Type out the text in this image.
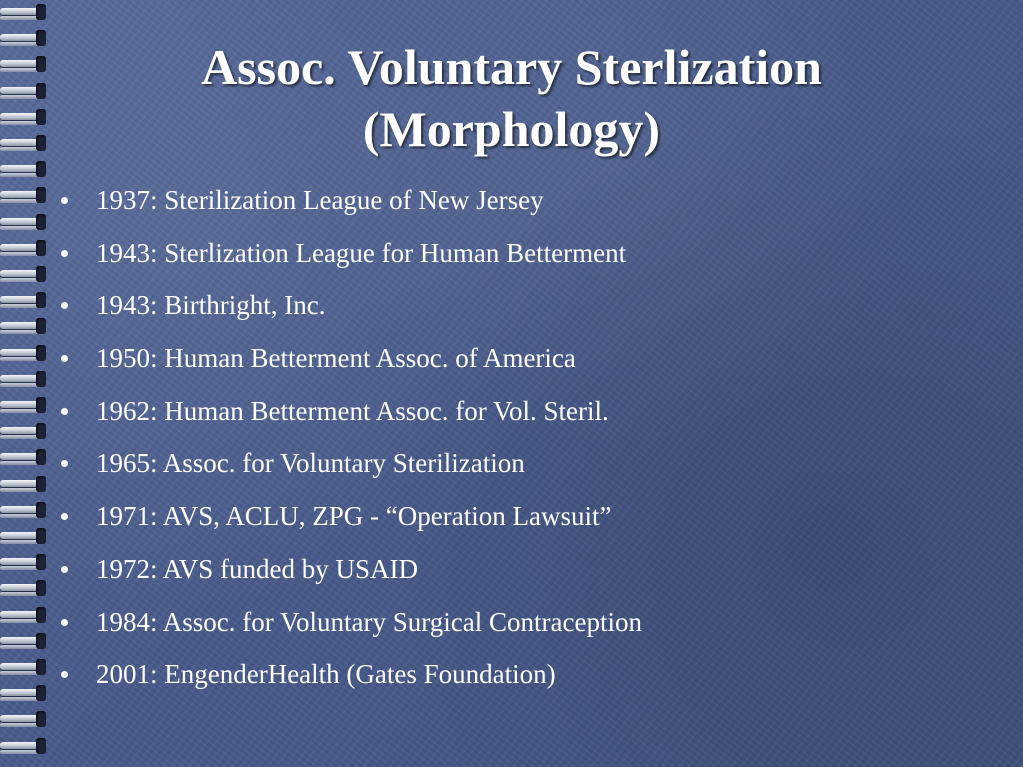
Assoc. Voluntary Sterlization
(Morphology)
1937: Sterilization League of New Jersey
1943: Sterlization League for Human Betterment
1943: Birthright, Inc.
1950: Human Betterment Assoc. of America
1962: Human Betterment Assoc. for Vol. Steril.
1965: Assoc. for Voluntary Sterilization
1971: AVS, ACLU, ZPG - “Operation Lawsuit”
1972: AVS funded by USAID
1984: Assoc. for Voluntary Surgical Contraception
2001: EngenderHealth (Gates Foundation)
